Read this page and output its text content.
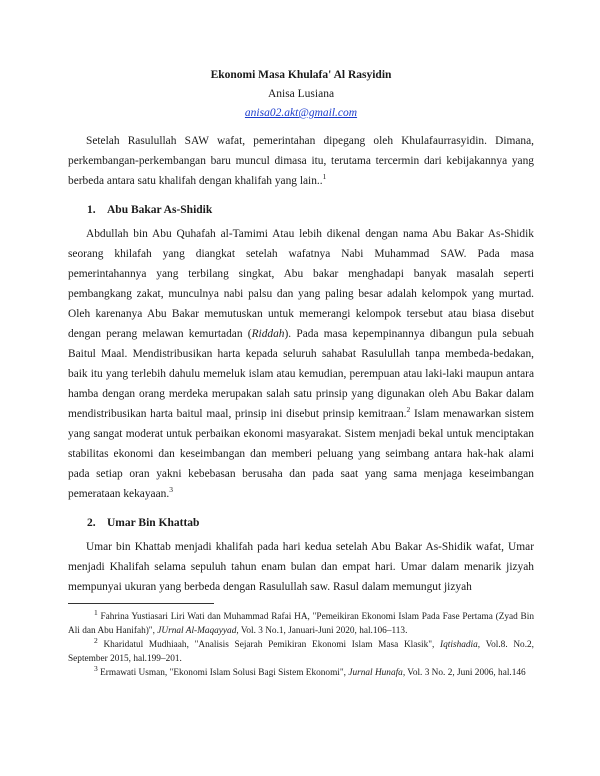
Ekonomi Masa Khulafa' Al Rasyidin
Anisa Lusiana
anisa02.akt@gmail.com

Setelah Rasulullah SAW wafat, pemerintahan dipegang oleh Khulafaurrasyidin. Dimana, perkembangan-perkembangan baru muncul dimasa itu, terutama tercermin dari kebijakannya yang berbeda antara satu khalifah dengan khalifah yang lain..$^1$

1. Abu Bakar As-Shidik

Abdullah bin Abu Quhafah al-Tamimi Atau lebih dikenal dengan nama Abu Bakar As-Shidik seorang khilafah yang diangkat setelah wafatnya Nabi Muhammad SAW. Pada masa pemerintahannya yang terbilang singkat, Abu bakar menghadapi banyak masalah seperti pembangkang zakat, munculnya nabi palsu dan yang paling besar adalah kelompok yang murtad. Oleh karenanya Abu Bakar memutuskan untuk memerangi kelompok tersebut atau biasa disebut dengan perang melawan kemurtadan (Riddah). Pada masa kepempinannya dibangun pula sebuah Baitul Maal. Mendistribusikan harta kepada seluruh sahabat Rasulullah tanpa membeda-bedakan, baik itu yang terlebih dahulu memeluk islam atau kemudian, perempuan atau laki-laki maupun antara hamba dengan orang merdeka merupakan salah satu prinsip yang digunakan oleh Abu Bakar dalam mendistribusikan harta baitul maal, prinsip ini disebut prinsip kemitraan.$^2$ Islam menawarkan sistem yang sangat moderat untuk perbaikan ekonomi masyarakat. Sistem menjadi bekal untuk menciptakan stabilitas ekonomi dan keseimbangan dan memberi peluang yang seimbang antara hak-hak alami pada setiap oran yakni kebebasan berusaha dan pada saat yang sama menjaga keseimbangan pemerataan kekayaan.$^3$

2. Umar Bin Khattab

Umar bin Khattab menjadi khalifah pada hari kedua setelah Abu Bakar As-Shidik wafat, Umar menjadi Khalifah selama sepuluh tahun enam bulan dan empat hari. Umar dalam menarik jizyah mempunyai ukuran yang berbeda dengan Rasulullah saw. Rasul dalam memungut jizyah

$^1$ Fahrina Yustiasari Liri Wati dan Muhammad Rafai HA, "Pemeikiran Ekonomi Islam Pada Fase Pertama (Zyad Bin Ali dan Abu Hanifah)", JUrnal Al-Maqayyad, Vol. 3 No.1, Januari-Juni 2020, hal.106–113.

$^2$ Kharidatul Mudhiaah, "Analisis Sejarah Pemikiran Ekonomi Islam Masa Klasik", Iqtishadia, Vol.8. No.2, September 2015, hal.199–201.

$^3$ Ermawati Usman, "Ekonomi Islam Solusi Bagi Sistem Ekonomi", Jurnal Hunafa, Vol. 3 No. 2, Juni 2006, hal.146
